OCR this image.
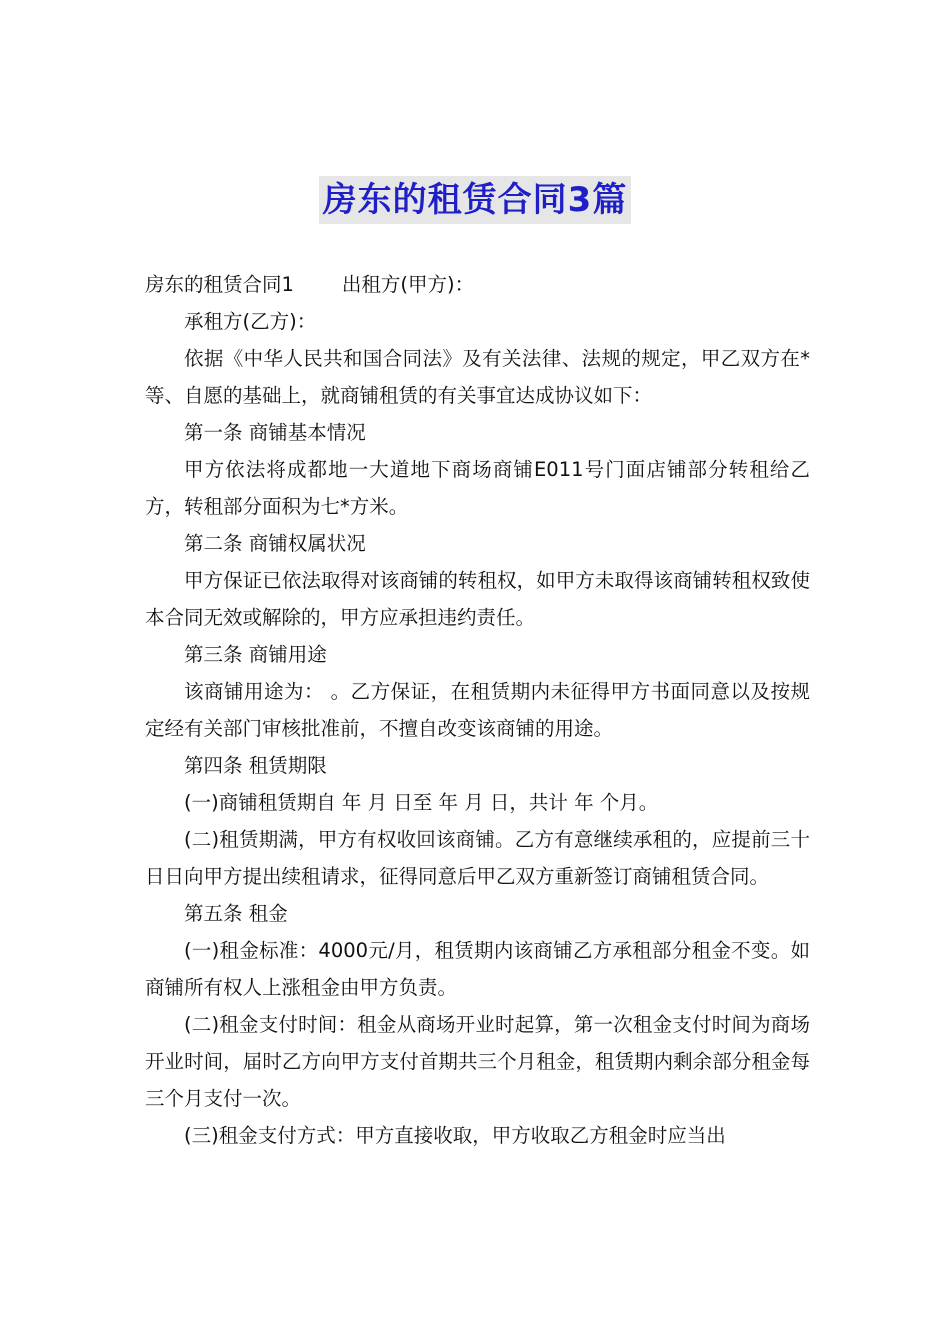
房东的租赁合同3篇

房东的租赁合同1 出租方(甲方)：

承租方(乙方)：

依据《中华人民共和国合同法》及有关法律、法规的规定，甲乙双方在*等、自愿的基础上，就商铺租赁的有关事宜达成协议如下：

第一条 商铺基本情况

甲方依法将成都地一大道地下商场商铺E011号门面店铺部分转租给乙方，转租部分面积为七*方米。

第二条 商铺权属状况

甲方保证已依法取得对该商铺的转租权，如甲方未取得该商铺转租权致使本合同无效或解除的，甲方应承担违约责任。

第三条 商铺用途

该商铺用途为： 。乙方保证，在租赁期内未征得甲方书面同意以及按规定经有关部门审核批准前，不擅自改变该商铺的用途。

第四条 租赁期限

(一)商铺租赁期自 年 月 日至 年 月 日，共计 年 个月。

(二)租赁期满，甲方有权收回该商铺。乙方有意继续承租的，应提前三十日日向甲方提出续租请求，征得同意后甲乙双方重新签订商铺租赁合同。

第五条 租金

(一)租金标准：4000元/月，租赁期内该商铺乙方承租部分租金不变。如商铺所有权人上涨租金由甲方负责。

(二)租金支付时间：租金从商场开业时起算，第一次租金支付时间为商场开业时间，届时乙方向甲方支付首期共三个月租金，租赁期内剩余部分租金每三个月支付一次。

(三)租金支付方式：甲方直接收取，甲方收取乙方租金时应当出
